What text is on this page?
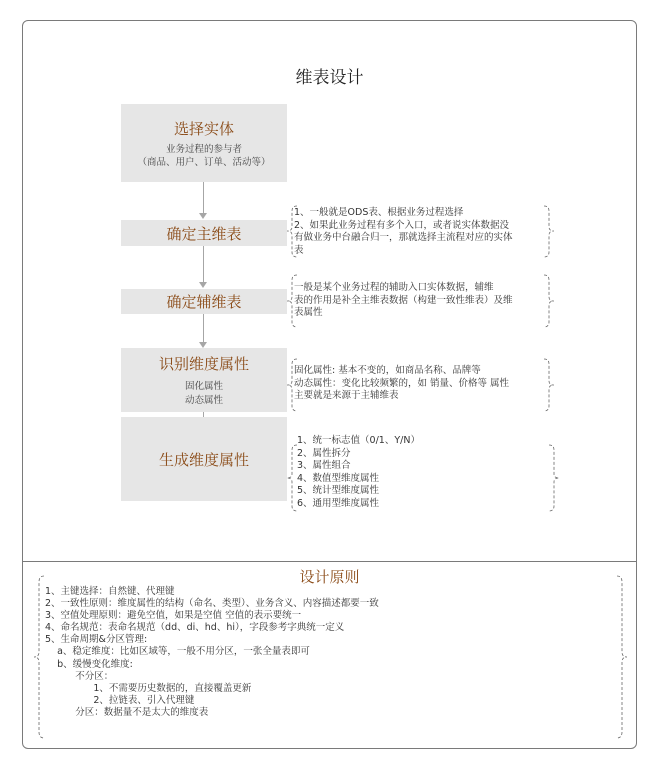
维表设计
选择实体
业务过程的参与者
（商品、用户、订单、活动等）
确定主维表
确定辅维表
识别维度属性
固化属性
动态属性
生成维度属性
1、一般就是ODS表、根据业务过程选择
2、如果此业务过程有多个入口，或者说实体数据没
有做业务中台融合归一，那就选择主流程对应的实体
表
一般是某个业务过程的辅助入口实体数据，辅维
表的作用是补全主维表数据（构建一致性维表）及维
表属性
固化属性: 基本不变的，如商品名称、品牌等
动态属性：变化比较频繁的，如 销量、价格等 属性
主要就是来源于主辅维表
1、统一标志值（0/1、Y/N）
2、属性拆分
3、属性组合
4、数值型维度属性
5、统计型维度属性
6、通用型维度属性
设计原则
1、主键选择：自然键、代理键
2、一致性原则：维度属性的结构（命名、类型）、业务含义、内容描述都要一致
3、空值处理原则：避免空值，如果是空值 空值的表示要统一
4、命名规范：表命名规范（dd、di、hd、hi），字段参考字典统一定义
5、生命周期&分区管理:
a、稳定维度：比如区域等，一般不用分区，一张全量表即可
b、缓慢变化维度:
不分区：
1、不需要历史数据的，直接覆盖更新
2、拉链表、引入代理键
分区：数据量不是太大的维度表
